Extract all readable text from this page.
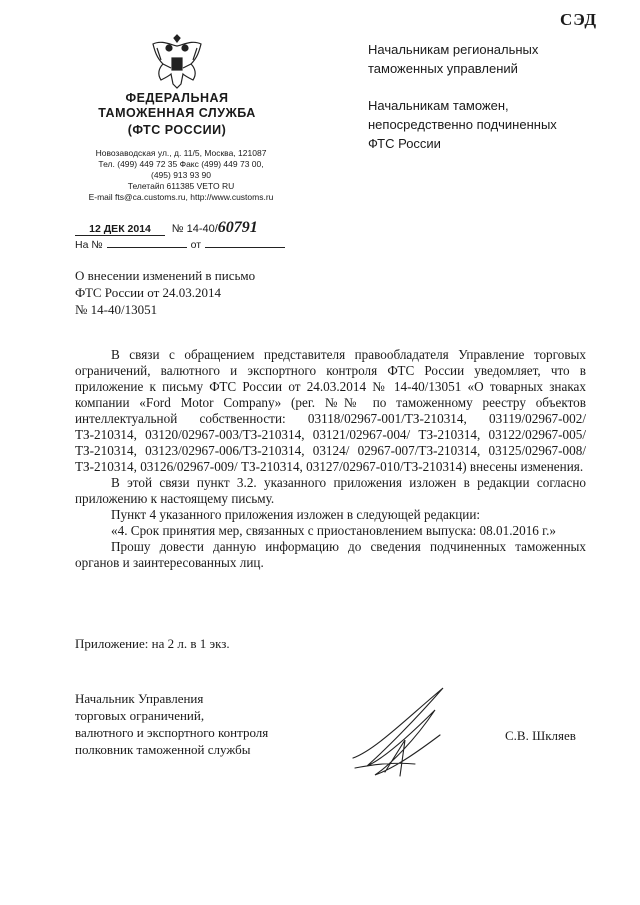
СЭД
ФЕДЕРАЛЬНАЯ
ТАМОЖЕННАЯ СЛУЖБА
(ФТС РОССИИ)
Новозаводская ул., д. 11/5, Москва, 121087
Тел. (499) 449 72 35 Факс (499) 449 73 00,
(495) 913 93 90
Телетайп 611385 VETO RU
E-mail fts@ca.customs.ru, http://www.customs.ru
12 ДЕК 2014 № 14-40/60791
На №	от
Начальникам региональных
таможенных управлений
Начальникам таможен,
непосредственно подчиненных
ФТС России
О внесении изменений в письмо
ФТС России от 24.03.2014
№ 14-40/13051

В связи с обращением представителя правообладателя Управление торговых ограничений, валютного и экспортного контроля ФТС России уведомляет, что в приложение к письму ФТС России от 24.03.2014 № 14-40/13051 «О товарных знаках компании «Ford Motor Company» (рег. №№ по таможенному реестру объектов интеллектуальной собственности: 03118/02967-001/ТЗ-210314, 03119/02967-002/ТЗ-210314, 03120/02967-003/ТЗ-210314, 03121/02967-004/ ТЗ-210314, 03122/02967-005/ТЗ-210314, 03123/02967-006/ТЗ-210314, 03124/ 02967-007/ТЗ-210314, 03125/02967-008/ТЗ-210314, 03126/02967-009/ ТЗ-210314, 03127/02967-010/ТЗ-210314) внесены изменения.

В этой связи пункт 3.2. указанного приложения изложен в редакции согласно приложению к настоящему письму.

Пункт 4 указанного приложения изложен в следующей редакции:

«4. Срок принятия мер, связанных с приостановлением выпуска: 08.01.2016 г.»

Прошу довести данную информацию до сведения подчиненных таможенных органов и заинтересованных лиц.

Приложение: на 2 л. в 1 экз.
Начальник Управления
торговых ограничений,
валютного и экспортного контроля
полковник таможенной службы
С.В. Шкляев
